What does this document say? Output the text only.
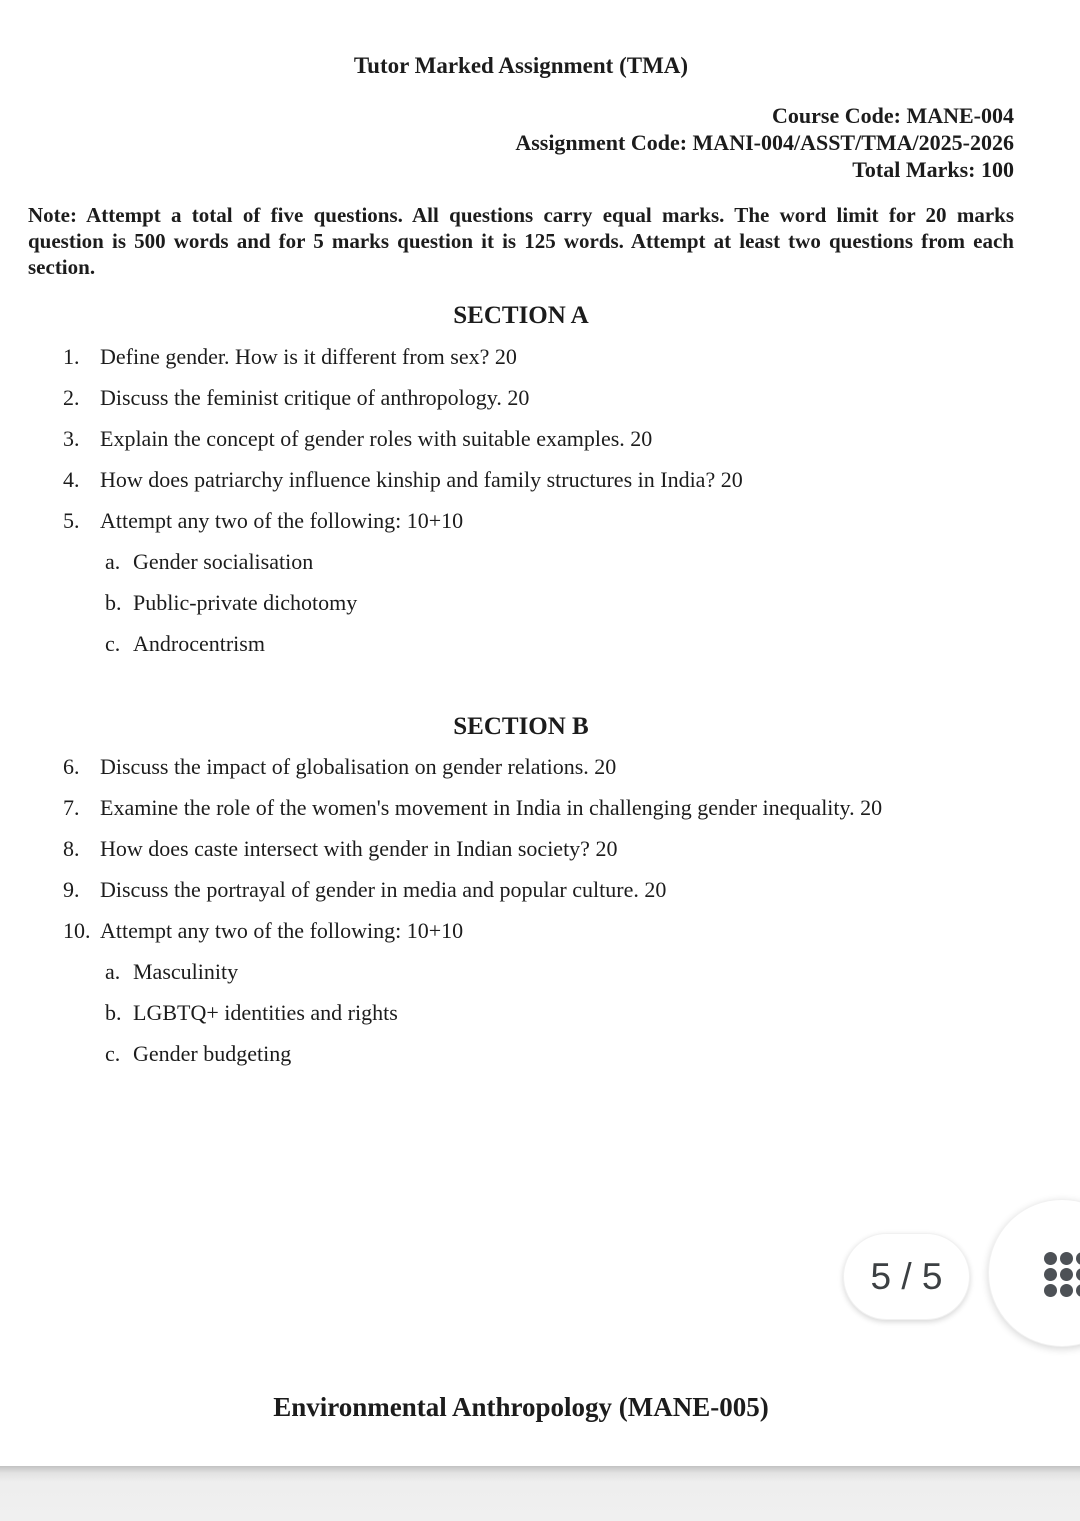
Tutor Marked Assignment (TMA)
Course Code: MANE-004
Assignment Code: MANI-004/ASST/TMA/2025-2026
Total Marks: 100
Note: Attempt a total of five questions. All questions carry equal marks. The word limit for 20 marks
question is 500 words and for 5 marks question it is 125 words. Attempt at least two questions from each
section.
SECTION A
1. Define gender. How is it different from sex? 20
2. Discuss the feminist critique of anthropology. 20
3. Explain the concept of gender roles with suitable examples. 20
4. How does patriarchy influence kinship and family structures in India? 20
5. Attempt any two of the following: 10+10
a. Gender socialisation
b. Public-private dichotomy
c. Androcentrism
SECTION B
6. Discuss the impact of globalisation on gender relations. 20
7. Examine the role of the women's movement in India in challenging gender inequality. 20
8. How does caste intersect with gender in Indian society? 20
9. Discuss the portrayal of gender in media and popular culture. 20
10. Attempt any two of the following: 10+10
a. Masculinity
b. LGBTQ+ identities and rights
c. Gender budgeting
Environmental Anthropology (MANE-005)
5 / 5
